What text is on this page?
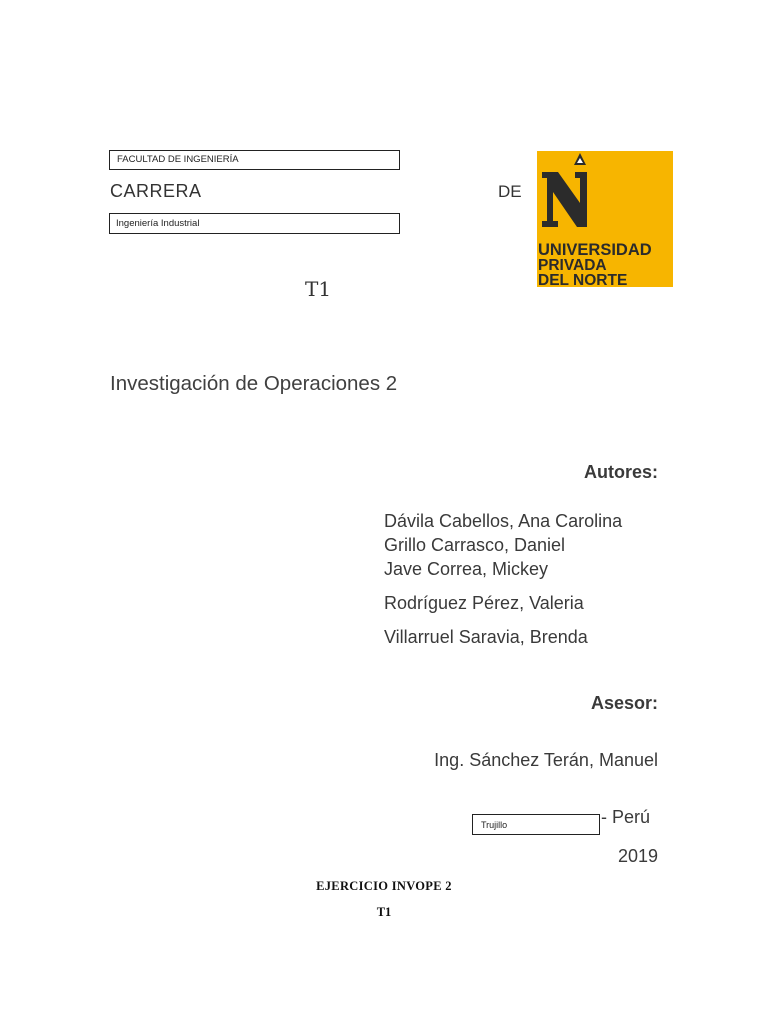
FACULTAD DE INGENIERÍA
CARRERA	DE
Ingeniería Industrial
UNIVERSIDAD
PRIVADA
DEL NORTE
T1
Investigación de Operaciones 2
Autores:
Dávila Cabellos, Ana Carolina
Grillo Carrasco, Daniel
Jave Correa, Mickey
Rodríguez Pérez, Valeria
Villarruel Saravia, Brenda
Asesor:
Ing. Sánchez Terán, Manuel
Trujillo	- Perú
2019
EJERCICIO INVOPE 2
T1
